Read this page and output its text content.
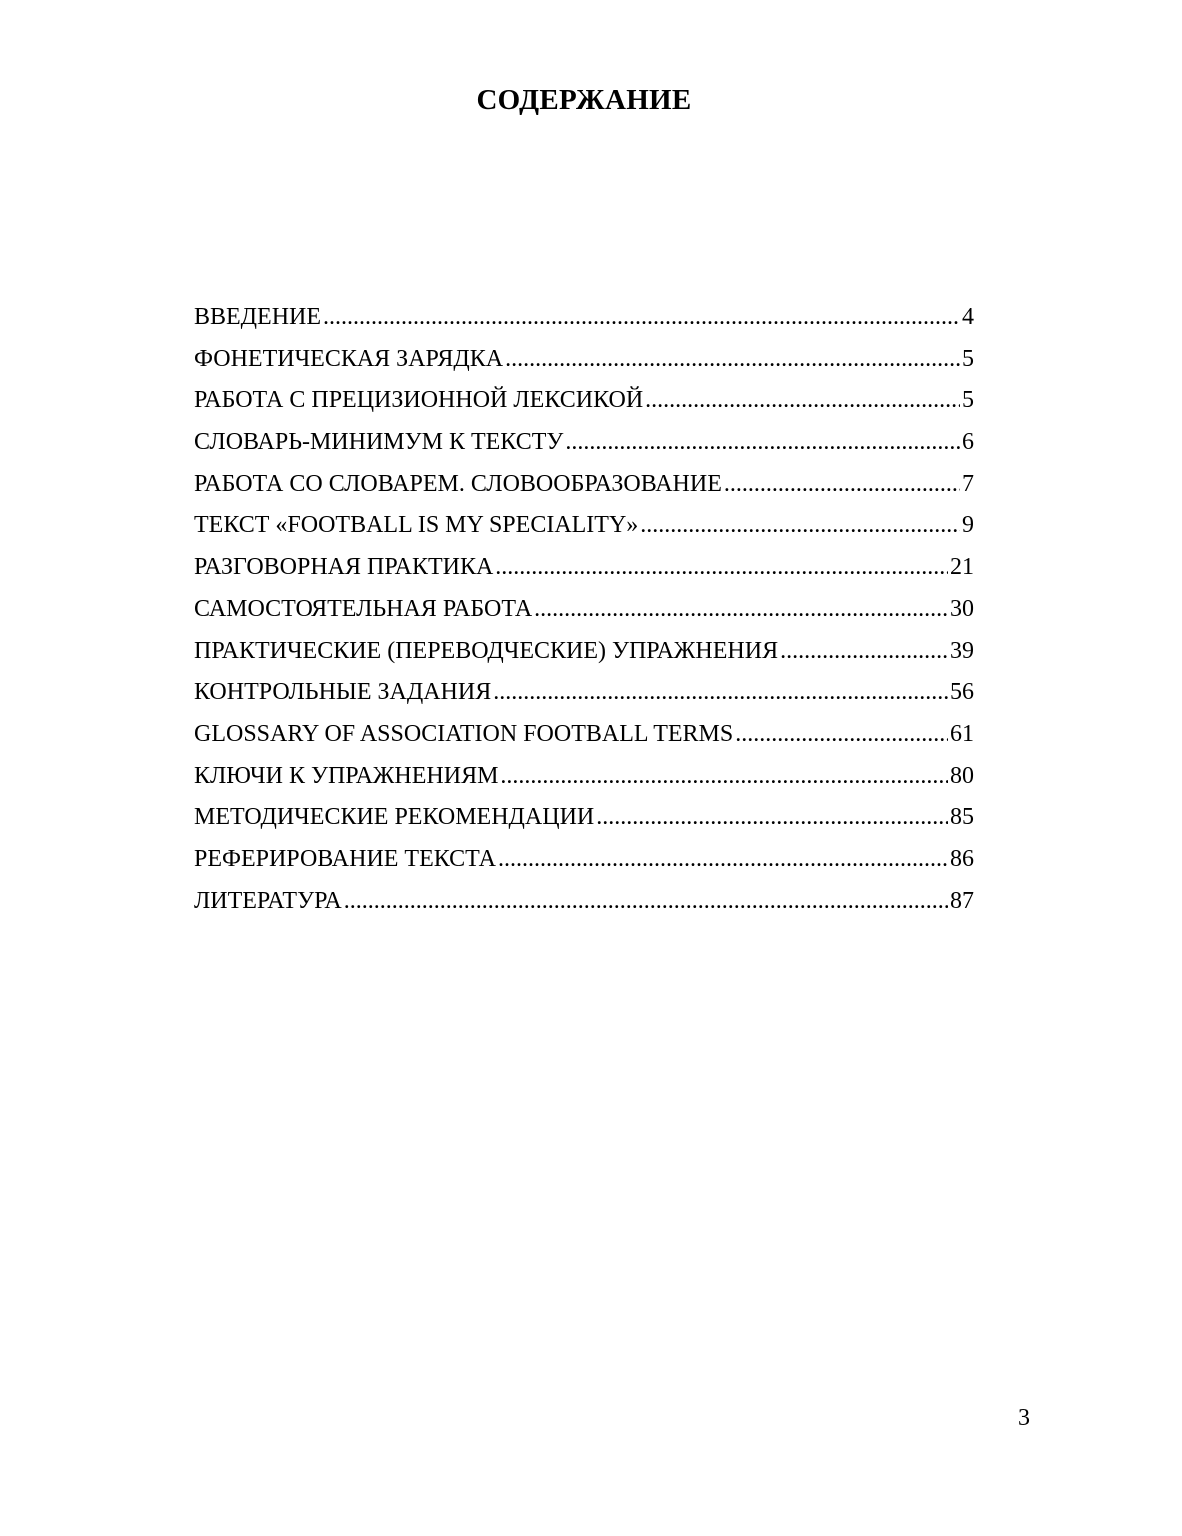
СОДЕРЖАНИЕ
ВВЕДЕНИЕ .....	4
ФОНЕТИЧЕСКАЯ ЗАРЯДКА .....	5
РАБОТА С ПРЕЦИЗИОННОЙ ЛЕКСИКОЙ .....	5
СЛОВАРЬ-МИНИМУМ К ТЕКСТУ .....	6
РАБОТА СО СЛОВАРЕМ. СЛОВООБРАЗОВАНИЕ .....	7
ТЕКСТ «FOOTBALL IS MY SPECIALITY» .....	9
РАЗГОВОРНАЯ ПРАКТИКА .....	21
САМОСТОЯТЕЛЬНАЯ РАБОТА .....	30
ПРАКТИЧЕСКИЕ (ПЕРЕВОДЧЕСКИЕ) УПРАЖНЕНИЯ .....	39
КОНТРОЛЬНЫЕ ЗАДАНИЯ .....	56
GLOSSARY OF ASSOCIATION FOOTBALL TERMS .....	61
КЛЮЧИ К УПРАЖНЕНИЯМ .....	80
МЕТОДИЧЕСКИЕ РЕКОМЕНДАЦИИ .....	85
РЕФЕРИРОВАНИЕ ТЕКСТА .....	86
ЛИТЕРАТУРА .....	87
3
